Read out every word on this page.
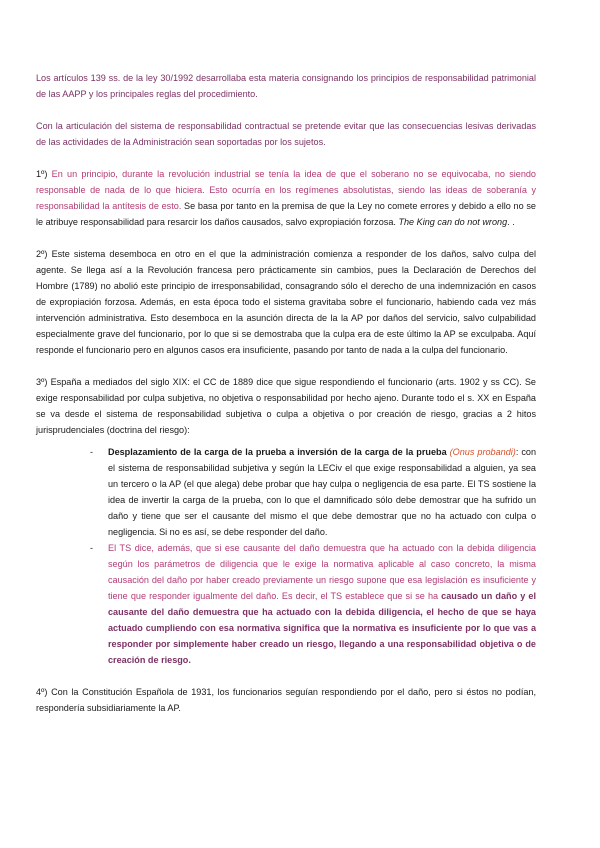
Los artículos 139 ss. de la ley 30/1992 desarrollaba esta materia consignando los principios de responsabilidad patrimonial de las AAPP y los principales reglas del procedimiento.

Con la articulación del sistema de responsabilidad contractual se pretende evitar que las consecuencias lesivas derivadas de las actividades de la Administración sean soportadas por los sujetos.

1º) En un principio, durante la revolución industrial se tenía la idea de que el soberano no se equivocaba, no siendo responsable de nada de lo que hiciera. Esto ocurría en los regímenes absolutistas, siendo las ideas de soberanía y responsabilidad la antítesis de esto. Se basa por tanto en la premisa de que la Ley no comete errores y debido a ello no se le atribuye responsabilidad para resarcir los daños causados, salvo expropiación forzosa. The King can do not wrong. .

2º) Este sistema desemboca en otro en el que la administración comienza a responder de los daños, salvo culpa del agente. Se llega así a la Revolución francesa pero prácticamente sin cambios, pues la Declaración de Derechos del Hombre (1789) no abolió este principio de irresponsabilidad, consagrando sólo el derecho de una indemnización en casos de expropiación forzosa. Además, en esta época todo el sistema gravitaba sobre el funcionario, habiendo cada vez más intervención administrativa. Esto desemboca en la asunción directa de la la AP por daños del servicio, salvo culpabilidad especialmente grave del funcionario, por lo que si se demostraba que la culpa era de este último la AP se exculpaba. Aquí responde el funcionario pero en algunos casos era insuficiente, pasando por tanto de nada a la culpa del funcionario.

3º) España a mediados del siglo XIX: el CC de 1889 dice que sigue respondiendo el funcionario (arts. 1902 y ss CC). Se exige responsabilidad por culpa subjetiva, no objetiva o responsabilidad por hecho ajeno. Durante todo el s. XX en España se va desde el sistema de responsabilidad subjetiva o culpa a objetiva o por creación de riesgo, gracias a 2 hitos jurisprudenciales (doctrina del riesgo):

-	Desplazamiento de la carga de la prueba a inversión de la carga de la prueba (Onus probandi): con el sistema de responsabilidad subjetiva y según la LECiv el que exige responsabilidad a alguien, ya sea un tercero o la AP (el que alega) debe probar que hay culpa o negligencia de esa parte. El TS sostiene la idea de invertir la carga de la prueba, con lo que el damnificado sólo debe demostrar que ha sufrido un daño y tiene que ser el causante del mismo el que debe demostrar que no ha actuado con culpa o negligencia. Si no es así, se debe responder del daño.
-	El TS dice, además, que si ese causante del daño demuestra que ha actuado con la debida diligencia según los parámetros de diligencia que le exige la normativa aplicable al caso concreto, la misma causación del daño por haber creado previamente un riesgo supone que esa legislación es insuficiente y tiene que responder igualmente del daño. Es decir, el TS establece que si se ha causado un daño y el causante del daño demuestra que ha actuado con la debida diligencia, el hecho de que se haya actuado cumpliendo con esa normativa significa que la normativa es insuficiente por lo que vas a responder por simplemente haber creado un riesgo, llegando a una responsabilidad objetiva o de creación de riesgo.

4º) Con la Constitución Española de 1931, los funcionarios seguían respondiendo por el daño, pero si éstos no podían, respondería subsidiariamente la AP.
